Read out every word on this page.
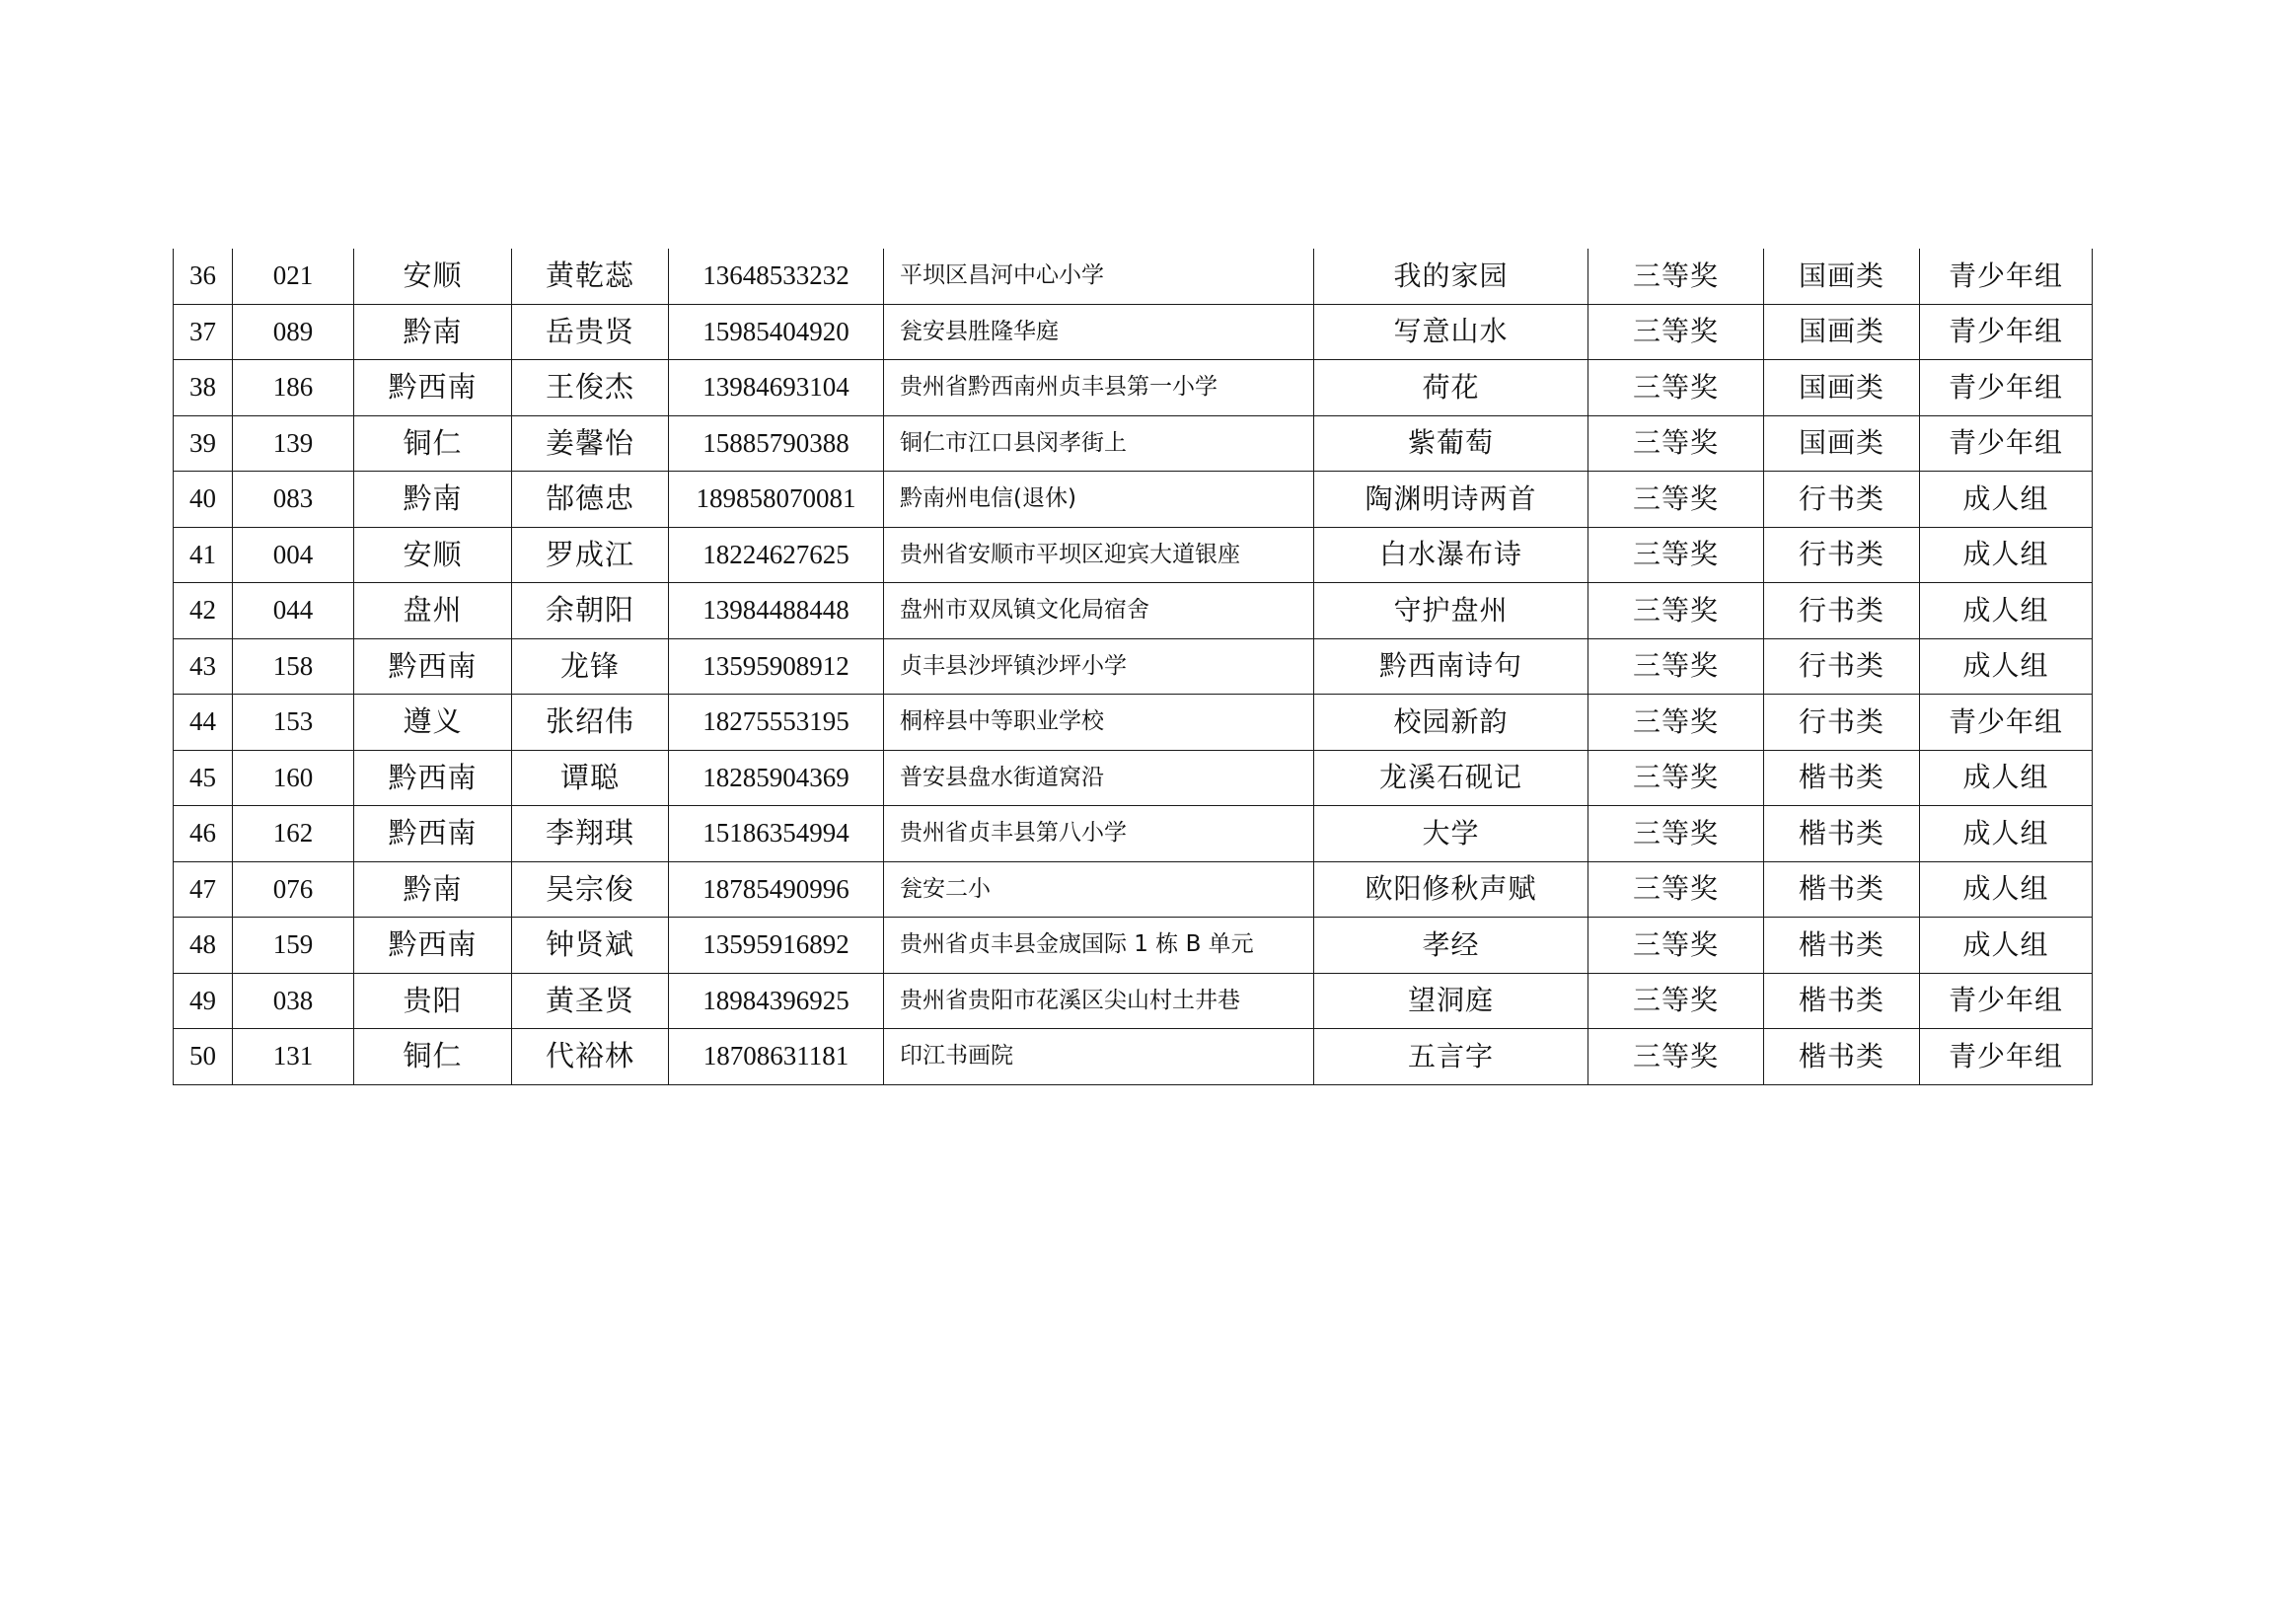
36	021	安顺	黄乾蕊	13648533232	平坝区昌河中心小学	我的家园	三等奖	国画类	青少年组
37	089	黔南	岳贵贤	15985404920	瓮安县胜隆华庭	写意山水	三等奖	国画类	青少年组
38	186	黔西南	王俊杰	13984693104	贵州省黔西南州贞丰县第一小学	荷花	三等奖	国画类	青少年组
39	139	铜仁	姜馨怡	15885790388	铜仁市江口县闵孝街上	紫葡萄	三等奖	国画类	青少年组
40	083	黔南	郜德忠	189858070081	黔南州电信(退休)	陶渊明诗两首	三等奖	行书类	成人组
41	004	安顺	罗成江	18224627625	贵州省安顺市平坝区迎宾大道银座	白水瀑布诗	三等奖	行书类	成人组
42	044	盘州	余朝阳	13984488448	盘州市双凤镇文化局宿舍	守护盘州	三等奖	行书类	成人组
43	158	黔西南	龙锋	13595908912	贞丰县沙坪镇沙坪小学	黔西南诗句	三等奖	行书类	成人组
44	153	遵义	张绍伟	18275553195	桐梓县中等职业学校	校园新韵	三等奖	行书类	青少年组
45	160	黔西南	谭聪	18285904369	普安县盘水街道窝沿	龙溪石砚记	三等奖	楷书类	成人组
46	162	黔西南	李翔琪	15186354994	贵州省贞丰县第八小学	大学	三等奖	楷书类	成人组
47	076	黔南	吴宗俊	18785490996	瓮安二小	欧阳修秋声赋	三等奖	楷书类	成人组
48	159	黔西南	钟贤斌	13595916892	贵州省贞丰县金宬国际 1 栋 B 单元	孝经	三等奖	楷书类	成人组
49	038	贵阳	黄圣贤	18984396925	贵州省贵阳市花溪区尖山村土井巷	望洞庭	三等奖	楷书类	青少年组
50	131	铜仁	代裕林	18708631181	印江书画院	五言字	三等奖	楷书类	青少年组
